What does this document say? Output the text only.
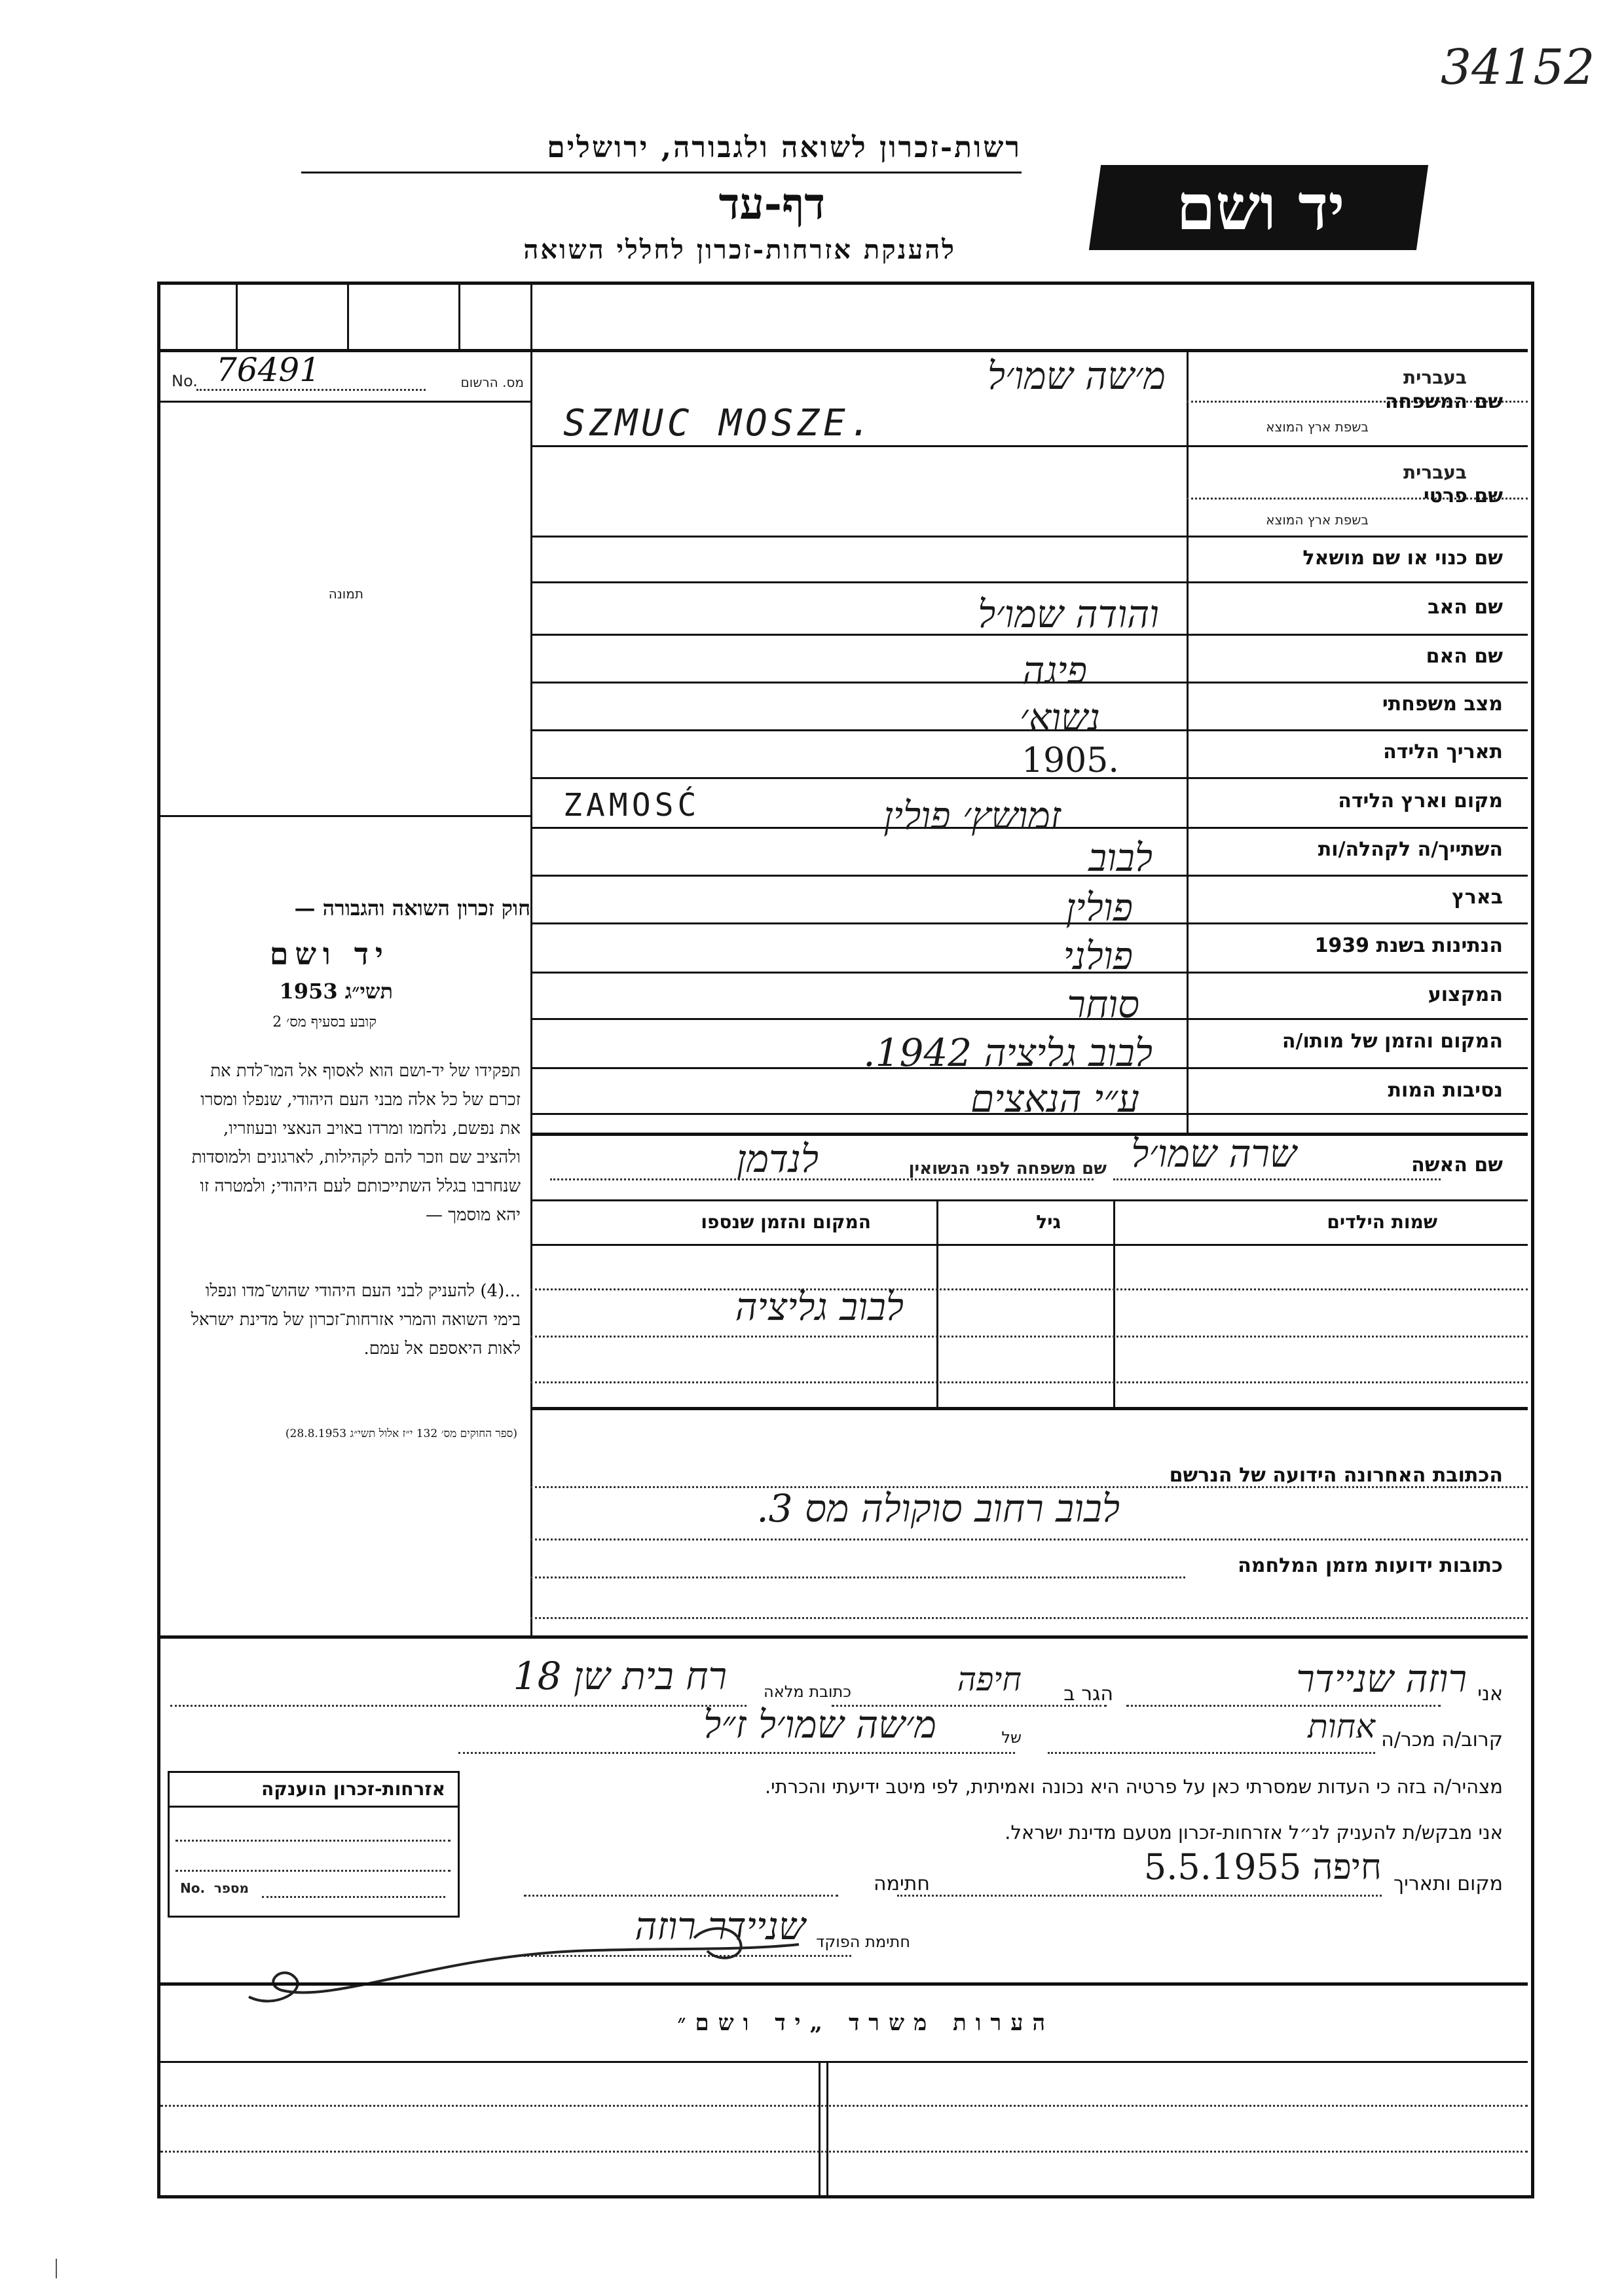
34152
רשות-זכרון לשואה ולגבורה, ירושלים
דף-עד
להענקת אזרחות-זכרון לחללי השואה
יד ושם
מס. הרשום
No. 76491
תמונה
בעברית
שם המשפחה
בשפת ארץ המוצא
בעברית
שם פרטי
בשפת ארץ המוצא
שם כנוי או שם מושאל
שם האב
שם האם
מצב משפחתי
תאריך הלידה
מקום וארץ הלידה
השתייך/ה לקהלה/ות
בארץ
הנתינות בשנת 1939
המקצוע
המקום והזמן של מותו/ה
נסיבות המות
מ׳שה שמו׳ל
SZMUC MOSZE.
והודה שמו׳ל
פיגה
נשוא׳
1905.
ZAMOSĆ	זמושץ׳ פולין
לבוב
פולין
פולני
סוחר
לבוב גליציה 1942.
ע״י הנאצים
חוק זכרון השואה והגבורה —
יד ושם
תשי״ג 1953
קובע בסעיף מס׳ 2
תפקידו של יד-ושם הוא לאסוף אל המו־לדת את זכרם של כל אלה מבני העם היהודי, שנפלו ומסרו את נפשם, נלחמו ומרדו באויב הנאצי ובעוזריו, ולהציב שם וזכר להם לקהילות, לארגונים ולמוסדות שנחרבו בגלל השתייכותם לעם היהודי; ולמטרה זו יהא מוסמך —
...(4) להעניק לבני העם היהודי שהוש־מדו ונפלו בימי השואה והמרי אזרחות־זכרון של מדינת ישראל לאות היאספם אל עמם.
(ספר החוקים מס׳ 132 י״ז אלול תשי״ג 28.8.1953)
שם האשה
שרה שמו׳ל
שם משפחה לפני הנשואין
לנדמן
שמות הילדים
גיל
המקום והזמן שנספו
לבוב גליציה
הכתובת האחרונה הידועה של הנרשם
לבוב רחוב סוקולה מס 3.
כתובות ידועות מזמן המלחמה
אני
רוזה שניידר
הגר ב
חיפה
כתובת מלאה
רח בית שן 18
קרוב/ה מכר/ה
אחות
של
מ׳שה שמו׳ל ז״ל
מצהיר/ה בזה כי העדות שמסרתי כאן על פרטיה היא נכונה ואמיתית, לפי מיטב ידיעתי והכרתי.
אני מבקש/ת להעניק לנ״ל אזרחות-זכרון מטעם מדינת ישראל.
מקום ותאריך
חיפה 5.5.1955
חתימה
חתימת הפוקד
שניידר רוזה
אזרחות-זכרון הוענקה
No. מספר
הערות משרד „יד ושם״
